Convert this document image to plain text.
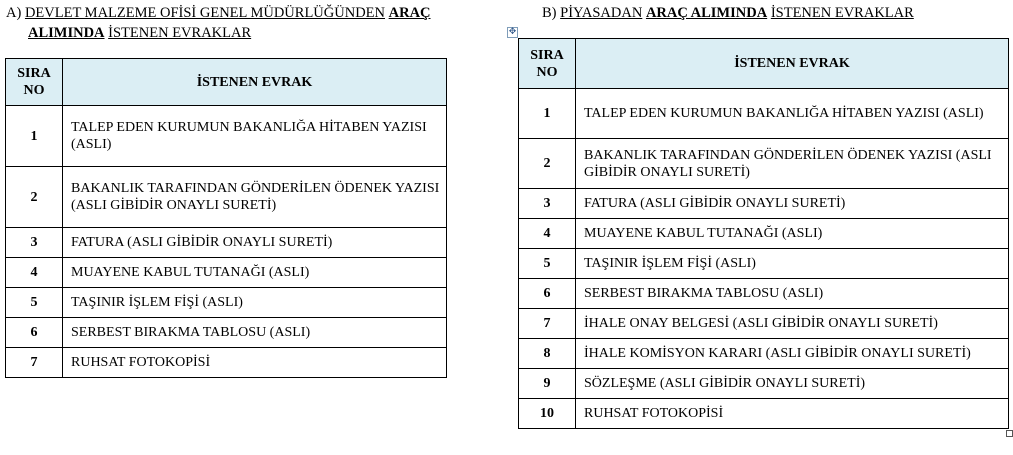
A) DEVLET MALZEME OFİSİ GENEL MÜDÜRLÜĞÜNDEN ARAÇ
ALIMINDA İSTENEN EVRAKLAR
SIRA NO	İSTENEN EVRAK
1	TALEP EDEN KURUMUN BAKANLIĞA HİTABEN YAZISI (ASLI)
2	BAKANLIK TARAFINDAN GÖNDERİLEN ÖDENEK YAZISI (ASLI GİBİDİR ONAYLI SURETİ)
3	FATURA (ASLI GİBİDİR ONAYLI SURETİ)
4	MUAYENE KABUL TUTANAĞI (ASLI)
5	TAŞINIR İŞLEM FİŞİ (ASLI)
6	SERBEST BIRAKMA TABLOSU (ASLI)
7	RUHSAT FOTOKOPİSİ
B) PİYASADAN ARAÇ ALIMINDA İSTENEN EVRAKLAR
✥
SIRA NO	İSTENEN EVRAK
1	TALEP EDEN KURUMUN BAKANLIĞA HİTABEN YAZISI (ASLI)
2	BAKANLIK TARAFINDAN GÖNDERİLEN ÖDENEK YAZISI (ASLI GİBİDİR ONAYLI SURETİ)
3	FATURA (ASLI GİBİDİR ONAYLI SURETİ)
4	MUAYENE KABUL TUTANAĞI (ASLI)
5	TAŞINIR İŞLEM FİŞİ (ASLI)
6	SERBEST BIRAKMA TABLOSU (ASLI)
7	İHALE ONAY BELGESİ (ASLI GİBİDİR ONAYLI SURETİ)
8	İHALE KOMİSYON KARARI (ASLI GİBİDİR ONAYLI SURETİ)

9	SÖZLEŞME (ASLI GİBİDİR ONAYLI SURETİ)
10	RUHSAT FOTOKOPİSİ
